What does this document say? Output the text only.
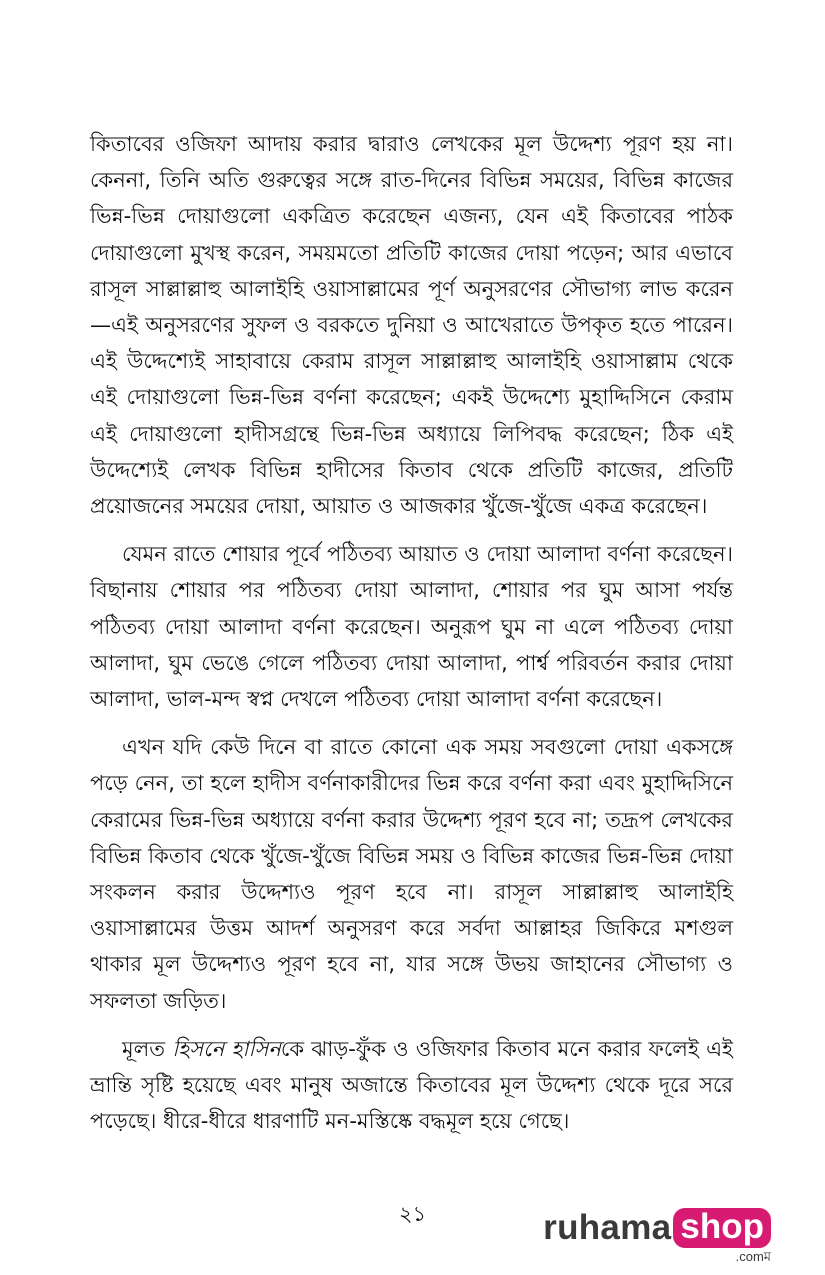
কিতাবের ওজিফা আদায় করার দ্বারাও লেখকের মূল উদ্দেশ্য পূরণ হয় না। কেননা, তিনি অতি গুরুত্বের সঙ্গে রাত-দিনের বিভিন্ন সময়ের, বিভিন্ন কাজের ভিন্ন-ভিন্ন দোয়াগুলো একত্রিত করেছেন এজন্য, যেন এই কিতাবের পাঠক দোয়াগুলো মুখস্থ করেন, সময়মতো প্রতিটি কাজের দোয়া পড়েন; আর এভাবে রাসূল সাল্লাল্লাহু আলাইহি ওয়াসাল্লামের পূর্ণ অনুসরণের সৌভাগ্য লাভ করেন—এই অনুসরণের সুফল ও বরকতে দুনিয়া ও আখেরাতে উপকৃত হতে পারেন। এই উদ্দেশ্যেই সাহাবায়ে কেরাম রাসূল সাল্লাল্লাহু আলাইহি ওয়াসাল্লাম থেকে এই দোয়াগুলো ভিন্ন-ভিন্ন বর্ণনা করেছেন; একই উদ্দেশ্যে মুহাদ্দিসিনে কেরাম এই দোয়াগুলো হাদীসগ্রন্থে ভিন্ন-ভিন্ন অধ্যায়ে লিপিবদ্ধ করেছেন; ঠিক এই উদ্দেশ্যেই লেখক বিভিন্ন হাদীসের কিতাব থেকে প্রতিটি কাজের, প্রতিটি প্রয়োজনের সময়ের দোয়া, আয়াত ও আজকার খুঁজে-খুঁজে একত্র করেছেন।

যেমন রাতে শোয়ার পূর্বে পঠিতব্য আয়াত ও দোয়া আলাদা বর্ণনা করেছেন। বিছানায় শোয়ার পর পঠিতব্য দোয়া আলাদা, শোয়ার পর ঘুম আসা পর্যন্ত পঠিতব্য দোয়া আলাদা বর্ণনা করেছেন। অনুরূপ ঘুম না এলে পঠিতব্য দোয়া আলাদা, ঘুম ভেঙে গেলে পঠিতব্য দোয়া আলাদা, পার্শ্ব পরিবর্তন করার দোয়া আলাদা, ভাল-মন্দ স্বপ্ন দেখলে পঠিতব্য দোয়া আলাদা বর্ণনা করেছেন।

এখন যদি কেউ দিনে বা রাতে কোনো এক সময় সবগুলো দোয়া একসঙ্গে পড়ে নেন, তা হলে হাদীস বর্ণনাকারীদের ভিন্ন করে বর্ণনা করা এবং মুহাদ্দিসিনে কেরামের ভিন্ন-ভিন্ন অধ্যায়ে বর্ণনা করার উদ্দেশ্য পূরণ হবে না; তদ্রূপ লেখকের বিভিন্ন কিতাব থেকে খুঁজে-খুঁজে বিভিন্ন সময় ও বিভিন্ন কাজের ভিন্ন-ভিন্ন দোয়া সংকলন করার উদ্দেশ্যও পূরণ হবে না। রাসূল সাল্লাল্লাহু আলাইহি ওয়াসাল্লামের উত্তম আদর্শ অনুসরণ করে সর্বদা আল্লাহর জিকিরে মশগুল থাকার মূল উদ্দেশ্যও পূরণ হবে না, যার সঙ্গে উভয় জাহানের সৌভাগ্য ও সফলতা জড়িত।

মূলত হিসনে হাসিনকে ঝাড়-ফুঁক ও ওজিফার কিতাব মনে করার ফলেই এই ভ্রান্তি সৃষ্টি হয়েছে এবং মানুষ অজান্তে কিতাবের মূল উদ্দেশ্য থেকে দূরে সরে পড়েছে। ধীরে-ধীরে ধারণাটি মন-মস্তিষ্কে বদ্ধমূল হয়ে গেছে।

২১	ruhama shop
.comম
